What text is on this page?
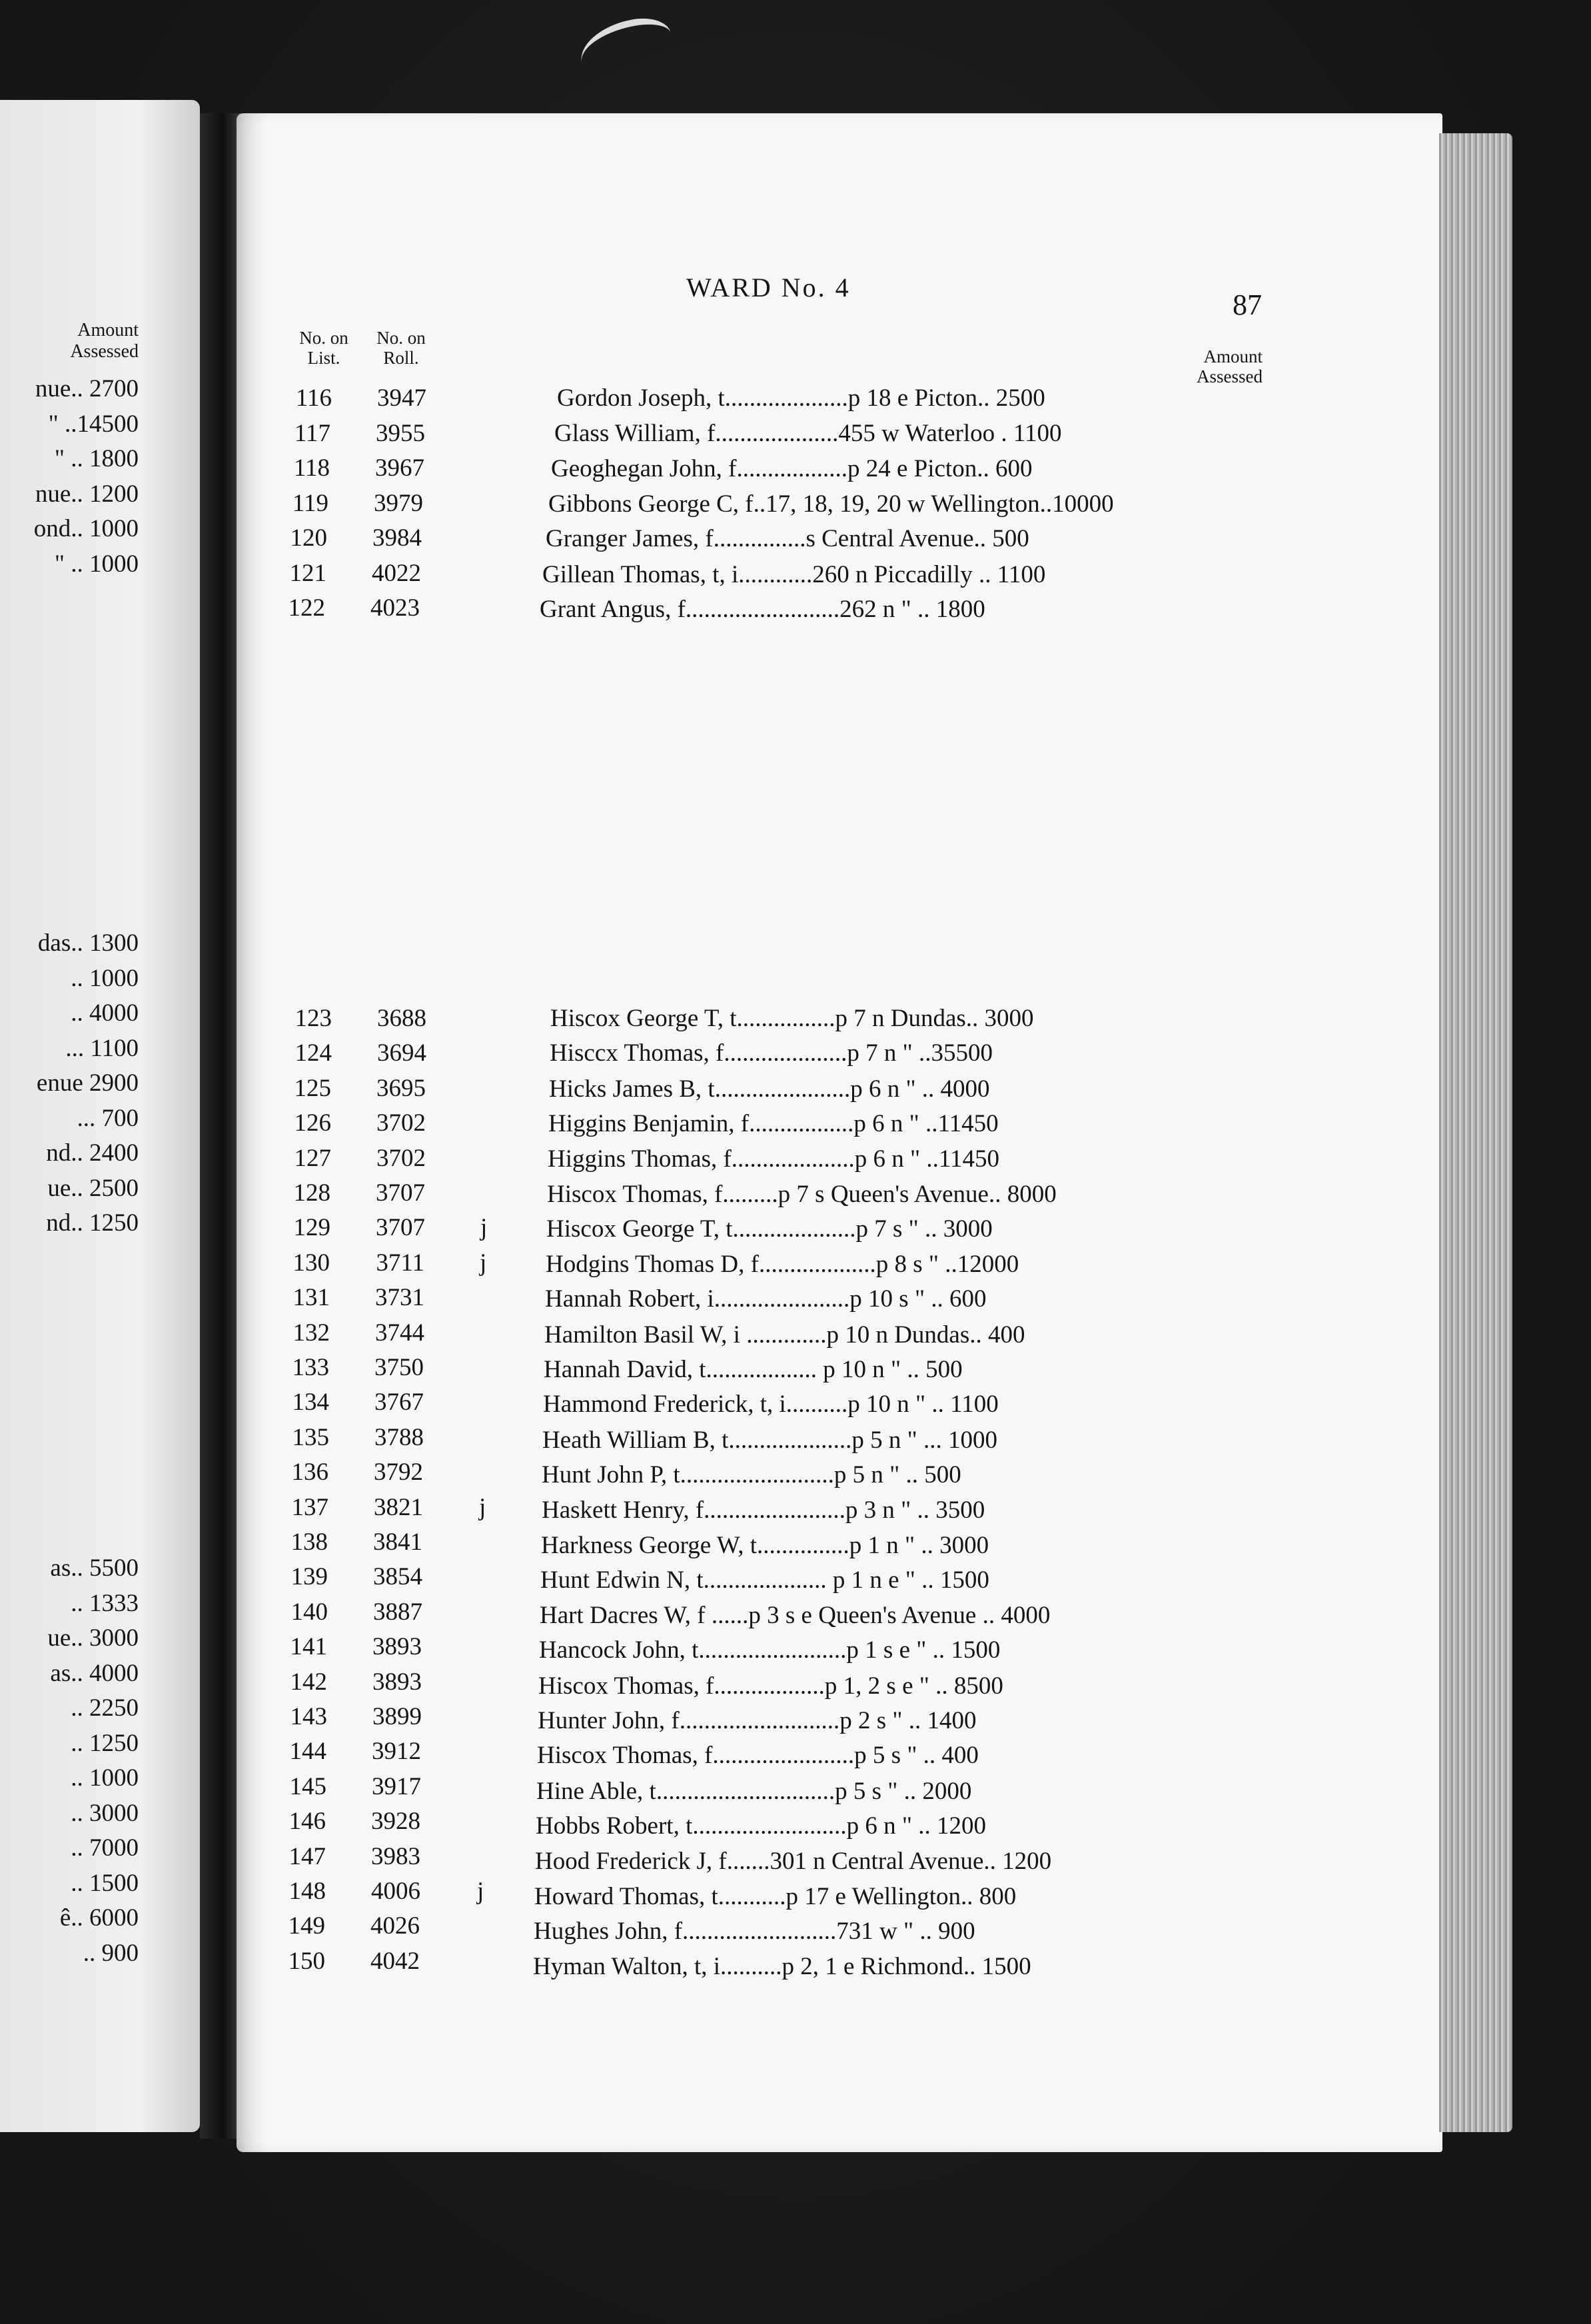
Amount Assessed
nue.. 2700
" ..14500
" .. 1800
nue.. 1200
ond.. 1000
" .. 1000
das.. 1300
.. 1000
.. 4000
... 1100
enue 2900
... 700
nd.. 2400
ue.. 2500
nd.. 1250
as.. 5500
.. 1333
ue.. 3000
as.. 4000
.. 2250
.. 1250
.. 1000
.. 3000
.. 7000
.. 1500
ê.. 6000
.. 900
WARD No. 4
87
No. on List.
No. on Roll.	Amount Assessed
116	3947	Gordon Joseph, t....................p 18 e Picton.. 2500
117	3955	Glass William, f....................455 w Waterloo . 1100
118	3967	Geoghegan John, f..................p 24 e Picton.. 600
119	3979	Gibbons George C, f..17, 18, 19, 20 w Wellington..10000
120	3984	Granger James, f...............s Central Avenue.. 500
121	4022	Gillean Thomas, t, i............260 n Piccadilly .. 1100
122	4023	Grant Angus, f.........................262 n " .. 1800
123	3688	Hiscox George T, t................p 7 n Dundas.. 3000
124	3694	Hisccx Thomas, f....................p 7 n " ..35500
125	3695	Hicks James B, t......................p 6 n " .. 4000
126	3702	Higgins Benjamin, f.................p 6 n " ..11450
127	3702	Higgins Thomas, f....................p 6 n " ..11450
128	3707	Hiscox Thomas, f.........p 7 s Queen's Avenue.. 8000
129	3707 j Hiscox George T, t....................p 7 s " .. 3000
130	3711 j Hodgins Thomas D, f...................p 8 s " ..12000
131	3731	Hannah Robert, i......................p 10 s " .. 600
132	3744	Hamilton Basil W, i .............p 10 n Dundas.. 400
133	3750	Hannah David, t.................. p 10 n " .. 500
134	3767	Hammond Frederick, t, i..........p 10 n " .. 1100
135	3788	Heath William B, t....................p 5 n " ... 1000
136	3792	Hunt John P, t.........................p 5 n " .. 500
137	3821 j Haskett Henry, f.......................p 3 n " .. 3500
138	3841	Harkness George W, t...............p 1 n " .. 3000
139	3854	Hunt Edwin N, t.................... p 1 n e " .. 1500
140	3887	Hart Dacres W, f ......p 3 s e Queen's Avenue .. 4000
141	3893	Hancock John, t........................p 1 s e " .. 1500
142	3893	Hiscox Thomas, f..................p 1, 2 s e " .. 8500
143	3899	Hunter John, f..........................p 2 s " .. 1400
144	3912	Hiscox Thomas, f.......................p 5 s " .. 400
145	3917	Hine Able, t.............................p 5 s " .. 2000
146	3928	Hobbs Robert, t.........................p 6 n " .. 1200
147	3983	Hood Frederick J, f.......301 n Central Avenue.. 1200
148	4006 j Howard Thomas, t...........p 17 e Wellington.. 800
149	4026	Hughes John, f.........................731 w " .. 900
150	4042	Hyman Walton, t, i..........p 2, 1 e Richmond.. 1500
